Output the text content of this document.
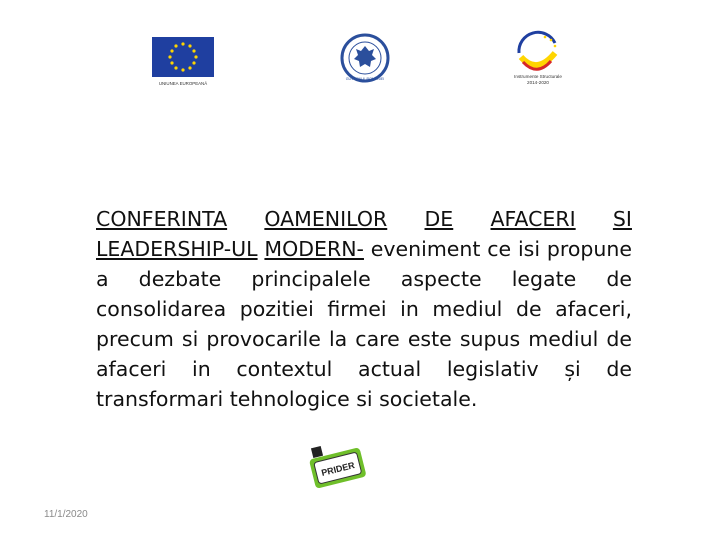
UNIUNEA EUROPEANĂ
GUVERNUL ROMÂNIEI	Instrumente Structurale
2014-2020

CONFERINTA OAMENILOR DE AFACERI SI LEADERSHIP-UL MODERN- eveniment ce isi propune a dezbate principalele aspecte legate de consolidarea pozitiei firmei in mediul de afaceri, precum si provocarile la care este supus mediul de afaceri in contextul actual legislativ și de transformari tehnologice si societale.

PRIDER
11/1/2020
